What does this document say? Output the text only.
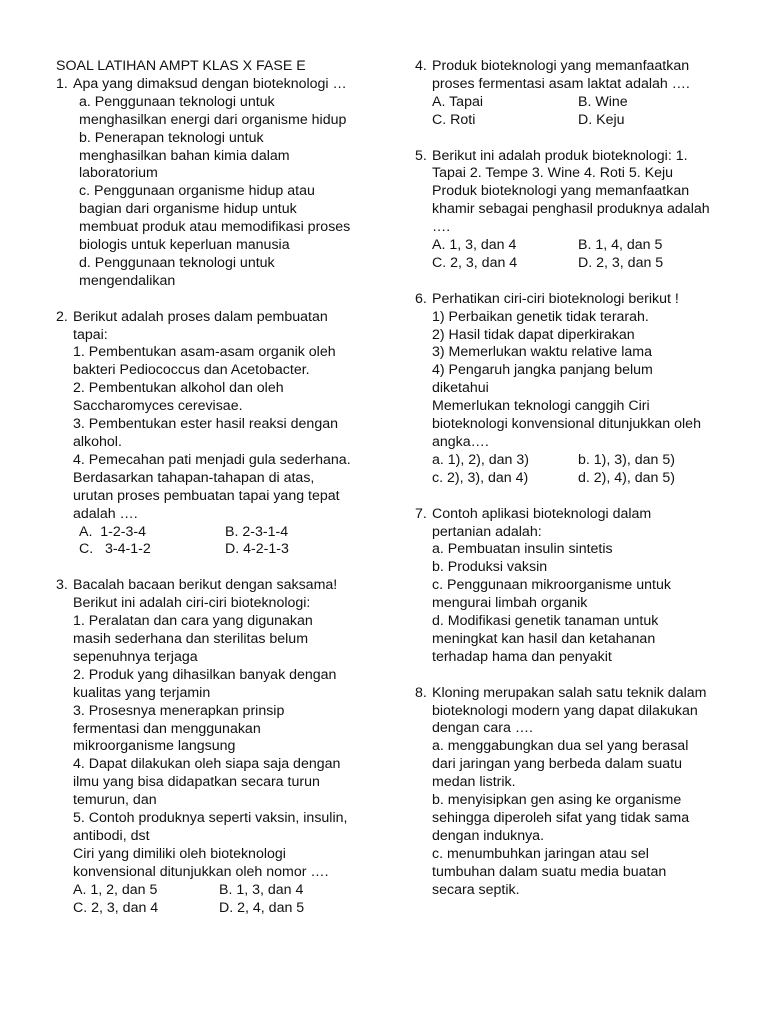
SOAL LATIHAN AMPT KLAS X FASE E
1. Apa yang dimaksud dengan bioteknologi …
a. Penggunaan teknologi untuk
menghasilkan energi dari organisme hidup
b. Penerapan teknologi untuk
menghasilkan bahan kimia dalam
laboratorium
c. Penggunaan organisme hidup atau
bagian dari organisme hidup untuk
membuat produk atau memodifikasi proses
biologis untuk keperluan manusia
d. Penggunaan teknologi untuk
mengendalikan
2. Berikut adalah proses dalam pembuatan
tapai:
1. Pembentukan asam-asam organik oleh
bakteri Pediococcus dan Acetobacter.
2. Pembentukan alkohol dan oleh
Saccharomyces cerevisae.
3. Pembentukan ester hasil reaksi dengan
alkohol.
4. Pemecahan pati menjadi gula sederhana.
Berdasarkan tahapan-tahapan di atas,
urutan proses pembuatan tapai yang tepat
adalah ….
A.  1-2-3-4	B. 2-3-1-4
C.   3-4-1-2	D. 4-2-1-3
3. Bacalah bacaan berikut dengan saksama!
Berikut ini adalah ciri-ciri bioteknologi:
1. Peralatan dan cara yang digunakan
masih sederhana dan sterilitas belum
sepenuhnya terjaga
2. Produk yang dihasilkan banyak dengan
kualitas yang terjamin
3. Prosesnya menerapkan prinsip
fermentasi dan menggunakan
mikroorganisme langsung
4. Dapat dilakukan oleh siapa saja dengan
ilmu yang bisa didapatkan secara turun
temurun, dan
5. Contoh produknya seperti vaksin, insulin,
antibodi, dst
Ciri yang dimiliki oleh bioteknologi
konvensional ditunjukkan oleh nomor ….
A. 1, 2, dan 5	B. 1, 3, dan 4
C. 2, 3, dan 4	D. 2, 4, dan 5
4. Produk bioteknologi yang memanfaatkan
proses fermentasi asam laktat adalah ….
A. Tapai	B. Wine
C. Roti	D. Keju
5. Berikut ini adalah produk bioteknologi: 1.
Tapai 2. Tempe 3. Wine 4. Roti 5. Keju
Produk bioteknologi yang memanfaatkan
khamir sebagai penghasil produknya adalah
….
A. 1, 3, dan 4	B. 1, 4, dan 5
C. 2, 3, dan 4	D. 2, 3, dan 5
6. Perhatikan ciri-ciri bioteknologi berikut !
1) Perbaikan genetik tidak terarah.
2) Hasil tidak dapat diperkirakan
3) Memerlukan waktu relative lama
4) Pengaruh jangka panjang belum
diketahui
Memerlukan teknologi canggih Ciri
bioteknologi konvensional ditunjukkan oleh
angka….
a. 1), 2), dan 3)	b. 1), 3), dan 5)
c. 2), 3), dan 4)	d. 2), 4), dan 5)
7. Contoh aplikasi bioteknologi dalam
pertanian adalah:
a. Pembuatan insulin sintetis
b. Produksi vaksin
c. Penggunaan mikroorganisme untuk
mengurai limbah organik
d. Modifikasi genetik tanaman untuk
meningkat kan hasil dan ketahanan
terhadap hama dan penyakit
8. Kloning merupakan salah satu teknik dalam
bioteknologi modern yang dapat dilakukan
dengan cara ….
a. menggabungkan dua sel yang berasal
dari jaringan yang berbeda dalam suatu
medan listrik.
b. menyisipkan gen asing ke organisme
sehingga diperoleh sifat yang tidak sama
dengan induknya.
c. menumbuhkan jaringan atau sel
tumbuhan dalam suatu media buatan
secara septik.
